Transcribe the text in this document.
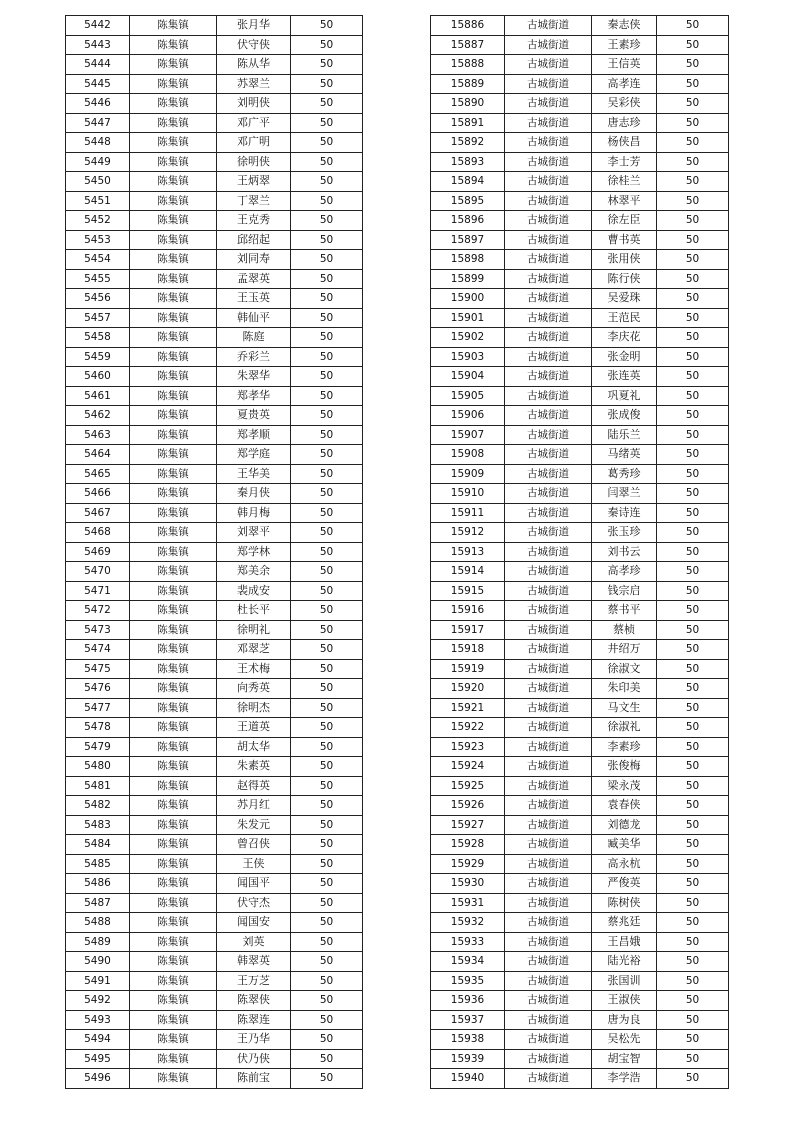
5442	陈集镇	张月华	50
5443	陈集镇	伏守侠	50
5444	陈集镇	陈从华	50
5445	陈集镇	苏翠兰	50
5446	陈集镇	刘明侠	50
5447	陈集镇	邓广平	50
5448	陈集镇	邓广明	50
5449	陈集镇	徐明侠	50
5450	陈集镇	王炳翠	50
5451	陈集镇	丁翠兰	50
5452	陈集镇	王克秀	50
5453	陈集镇	邱绍起	50
5454	陈集镇	刘同寿	50
5455	陈集镇	孟翠英	50
5456	陈集镇	王玉英	50
5457	陈集镇	韩仙平	50
5458	陈集镇	陈庭	50
5459	陈集镇	乔彩兰	50
5460	陈集镇	朱翠华	50
5461	陈集镇	郑孝华	50
5462	陈集镇	夏贵英	50
5463	陈集镇	郑孝顺	50
5464	陈集镇	郑学庭	50
5465	陈集镇	王华美	50
5466	陈集镇	秦月侠	50
5467	陈集镇	韩月梅	50
5468	陈集镇	刘翠平	50
5469	陈集镇	郑学林	50
5470	陈集镇	郑美余	50
5471	陈集镇	裴成安	50
5472	陈集镇	杜长平	50
5473	陈集镇	徐明礼	50
5474	陈集镇	邓翠芝	50
5475	陈集镇	王术梅	50
5476	陈集镇	向秀英	50
5477	陈集镇	徐明杰	50
5478	陈集镇	王道英	50
5479	陈集镇	胡太华	50
5480	陈集镇	朱素英	50
5481	陈集镇	赵得英	50
5482	陈集镇	苏月红	50
5483	陈集镇	朱发元	50
5484	陈集镇	曾召侠	50
5485	陈集镇	王侠	50
5486	陈集镇	闻国平	50
5487	陈集镇	伏守杰	50
5488	陈集镇	闻国安	50
5489	陈集镇	刘英	50
5490	陈集镇	韩翠英	50
5491	陈集镇	王万芝	50
5492	陈集镇	陈翠侠	50
5493	陈集镇	陈翠连	50
5494	陈集镇	王乃华	50
5495	陈集镇	伏乃侠	50
5496	陈集镇	陈前宝	50
15886	古城街道	秦志侠	50
15887	古城街道	王素珍	50
15888	古城街道	王信英	50
15889	古城街道	高孝连	50
15890	古城街道	吴彩侠	50
15891	古城街道	唐志珍	50
15892	古城街道	杨侠昌	50
15893	古城街道	李士芳	50
15894	古城街道	徐桂兰	50
15895	古城街道	林翠平	50
15896	古城街道	徐左臣	50
15897	古城街道	曹书英	50
15898	古城街道	张用侠	50
15899	古城街道	陈行侠	50
15900	古城街道	吴爱珠	50
15901	古城街道	王范民	50
15902	古城街道	李庆花	50
15903	古城街道	张金明	50
15904	古城街道	张连英	50
15905	古城街道	巩夏礼	50
15906	古城街道	张成俊	50
15907	古城街道	陆乐兰	50
15908	古城街道	马绪英	50
15909	古城街道	葛秀珍	50
15910	古城街道	闫翠兰	50
15911	古城街道	秦诗连	50
15912	古城街道	张玉珍	50
15913	古城街道	刘书云	50
15914	古城街道	高孝珍	50
15915	古城街道	钱宗启	50
15916	古城街道	蔡书平	50
15917	古城街道	蔡桢	50
15918	古城街道	井绍万	50
15919	古城街道	徐淑文	50
15920	古城街道	朱印美	50
15921	古城街道	马文生	50
15922	古城街道	徐淑礼	50
15923	古城街道	李素珍	50
15924	古城街道	张俊梅	50
15925	古城街道	梁永茂	50
15926	古城街道	袁春侠	50
15927	古城街道	刘德龙	50
15928	古城街道	臧美华	50
15929	古城街道	高永杭	50
15930	古城街道	严俊英	50
15931	古城街道	陈树侠	50
15932	古城街道	蔡兆廷	50
15933	古城街道	王昌娥	50
15934	古城街道	陆光裕	50
15935	古城街道	张国训	50
15936	古城街道	王淑侠	50
15937	古城街道	唐为良	50
15938	古城街道	吴松先	50
15939	古城街道	胡宝智	50
15940	古城街道	李学浩	50
